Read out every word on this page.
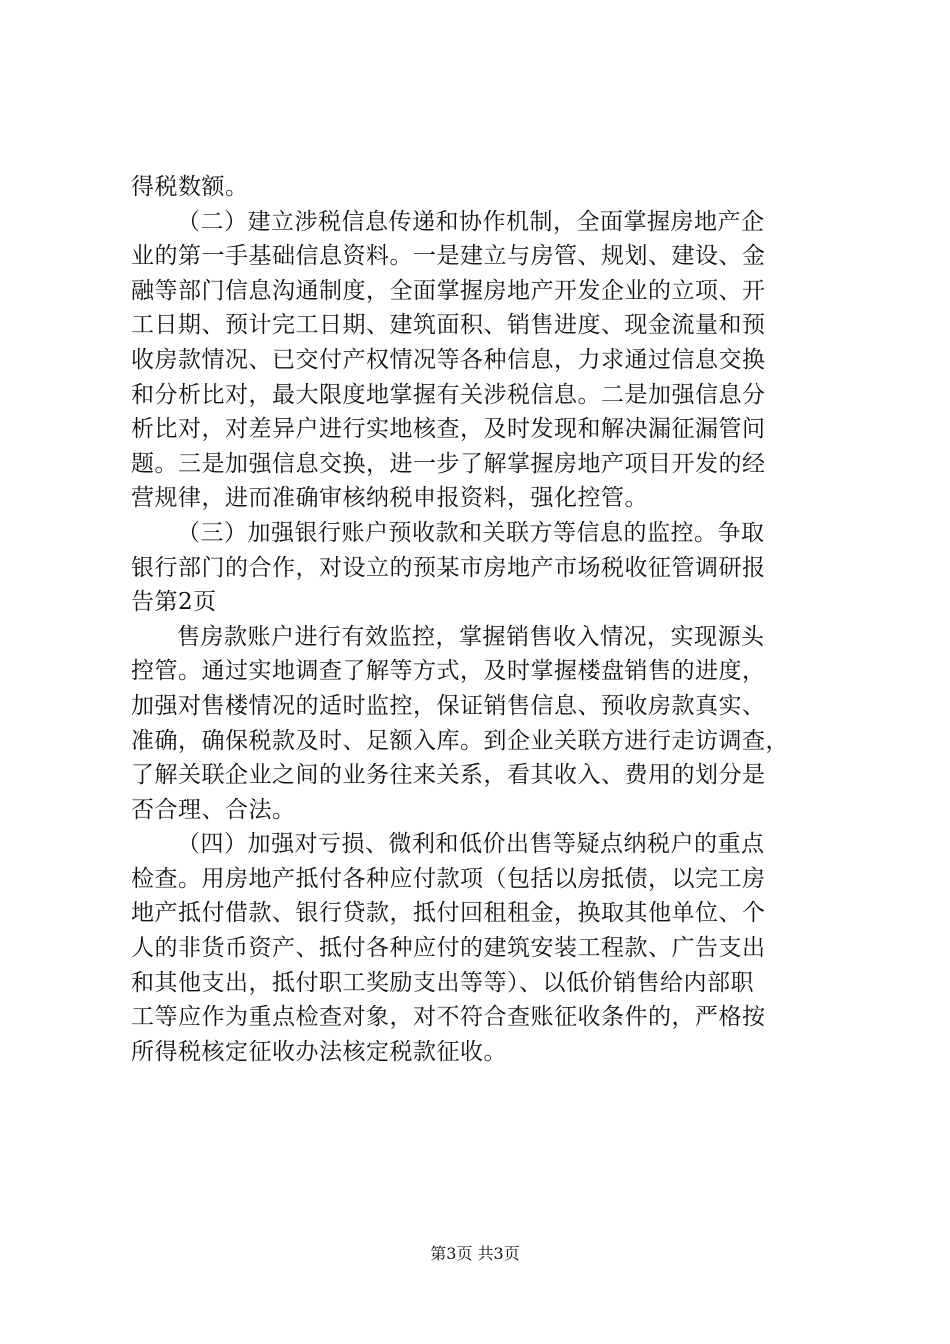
得税数额。
（二）建立涉税信息传递和协作机制，全面掌握房地产企
业的第一手基础信息资料。一是建立与房管、规划、建设、金
融等部门信息沟通制度，全面掌握房地产开发企业的立项、开
工日期、预计完工日期、建筑面积、销售进度、现金流量和预
收房款情况、已交付产权情况等各种信息，力求通过信息交换
和分析比对，最大限度地掌握有关涉税信息。二是加强信息分
析比对，对差异户进行实地核查，及时发现和解决漏征漏管问
题。三是加强信息交换，进一步了解掌握房地产项目开发的经
营规律，进而准确审核纳税申报资料，强化控管。
（三）加强银行账户预收款和关联方等信息的监控。争取
银行部门的合作，对设立的预某市房地产市场税收征管调研报
告第2页
售房款账户进行有效监控，掌握销售收入情况，实现源头
控管。通过实地调查了解等方式，及时掌握楼盘销售的进度，
加强对售楼情况的适时监控，保证销售信息、预收房款真实、
准确，确保税款及时、足额入库。到企业关联方进行走访调查，
了解关联企业之间的业务往来关系，看其收入、费用的划分是
否合理、合法。
（四）加强对亏损、微利和低价出售等疑点纳税户的重点
检查。用房地产抵付各种应付款项（包括以房抵债，以完工房
地产抵付借款、银行贷款，抵付回租租金，换取其他单位、个
人的非货币资产、抵付各种应付的建筑安装工程款、广告支出
和其他支出，抵付职工奖励支出等等）、以低价销售给内部职
工等应作为重点检查对象，对不符合查账征收条件的，严格按
所得税核定征收办法核定税款征收。
第3页 共3页
